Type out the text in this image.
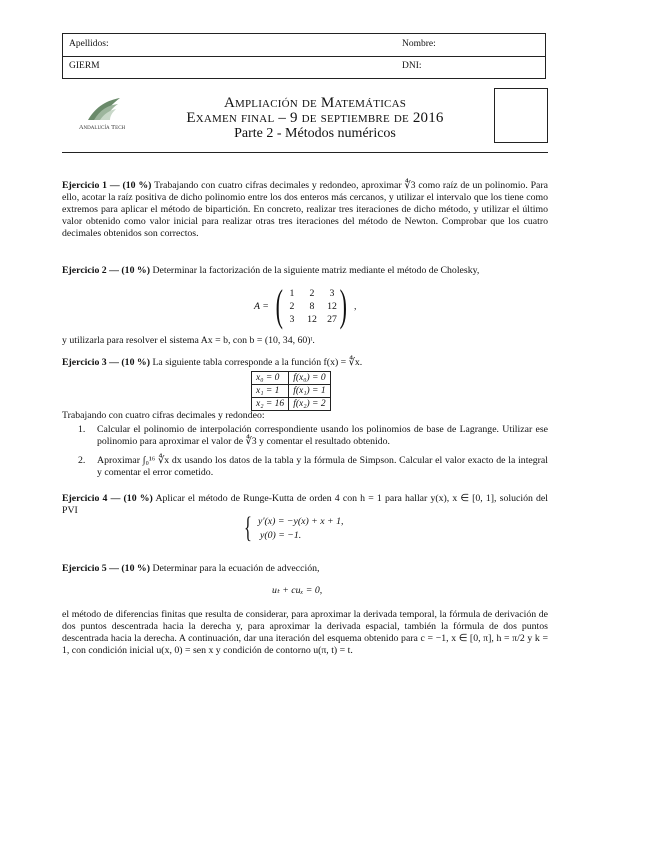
Apellidos:	Nombre:
GIERM	DNI:
Andalucía Tech
Ampliación de Matemáticas
Examen final – 9 de septiembre de 2016
Parte 2 - Métodos numéricos
Ejercicio 1 — (10 %) Trabajando con cuatro cifras decimales y redondeo, aproximar ∜3 como raíz de un polinomio. Para ello, acotar la raíz positiva de dicho polinomio entre los dos enteros más cercanos, y utilizar el intervalo que los tiene como extremos para aplicar el método de bipartición. En concreto, realizar tres iteraciones de dicho método, y utilizar el último valor obtenido como valor inicial para realizar otras tres iteraciones del método de Newton. Comprobar que los cuatro decimales obtenidos son correctos.
Ejercicio 2 — (10 %) Determinar la factorización de la siguiente matriz mediante el método de Cholesky,
A = ( )
1	2	3
2	8	12
3	12	27
,
y utilizarla para resolver el sistema Ax = b, con b = (10, 34, 60)ᵗ.
Ejercicio 3 — (10 %) La siguiente tabla corresponde a la función f(x) = ∜x.
x₀ = 0	f(x₀) = 0
x₁ = 1	f(x₁) = 1
x₂ = 16	f(x₂) = 2
Trabajando con cuatro cifras decimales y redondeo:
1. Calcular el polinomio de interpolación correspondiente usando los polinomios de base de Lagrange. Utilizar ese polinomio para aproximar el valor de ∜3 y comentar el resultado obtenido.
2. Aproximar ∫₀¹⁶ ∜x dx usando los datos de la tabla y la fórmula de Simpson. Calcular el valor exacto de la integral y comentar el error cometido.
Ejercicio 4 — (10 %) Aplicar el método de Runge-Kutta de orden 4 con h = 1 para hallar y(x), x ∈ [0, 1], solución del PVI
{ y′(x) = −y(x) + x + 1,
y(0) = −1.
Ejercicio 5 — (10 %) Determinar para la ecuación de advección,
uₜ + cuₓ = 0,
el método de diferencias finitas que resulta de considerar, para aproximar la derivada temporal, la fórmula de derivación de dos puntos descentrada hacia la derecha y, para aproximar la derivada espacial, también la fórmula de dos puntos descentrada hacia la derecha. A continuación, dar una iteración del esquema obtenido para c = −1, x ∈ [0, π], h = π/2 y k = 1, con condición inicial u(x, 0) = sen x y condición de contorno u(π, t) = t.
